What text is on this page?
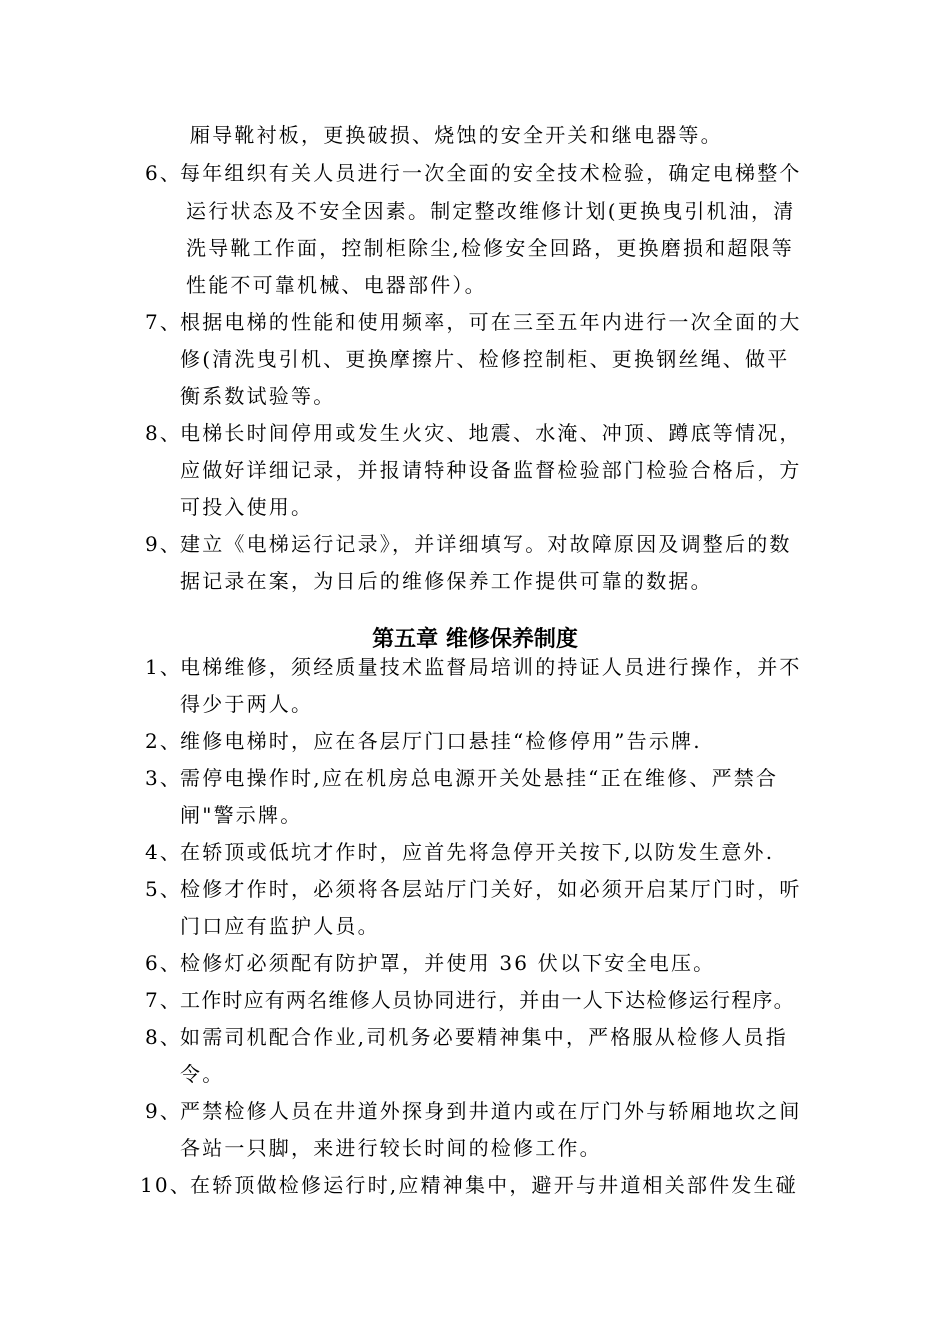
厢导靴衬板，更换破损、烧蚀的安全开关和继电器等。
6、
每年组织有关人员进行一次全面的安全技术检验，确定电梯整个
运行状态及不安全因素。制定整改维修计划(更换曳引机油，清
洗导靴工作面，控制柜除尘,检修安全回路，更换磨损和超限等
性能不可靠机械、电器部件）。
7、
根据电梯的性能和使用频率，可在三至五年内进行一次全面的大
修(清洗曳引机、更换摩擦片、检修控制柜、更换钢丝绳、做平
衡系数试验等。
8、
电梯长时间停用或发生火灾、地震、水淹、冲顶、蹲底等情况，
应做好详细记录，并报请特种设备监督检验部门检验合格后，方
可投入使用。
9、
建立《电梯运行记录》，并详细填写。对故障原因及调整后的数
据记录在案，为日后的维修保养工作提供可靠的数据。
第五章 维修保养制度
1、
电梯维修，须经质量技术监督局培训的持证人员进行操作，并不
得少于两人。
2、
维修电梯时，应在各层厅门口悬挂“检修停用”告示牌.
3、
需停电操作时,应在机房总电源开关处悬挂“正在维修、严禁合
闸"警示牌。
4、
在轿顶或低坑才作时，应首先将急停开关按下,以防发生意外.
5、
检修才作时，必须将各层站厅门关好，如必须开启某厅门时，听
门口应有监护人员。
6、
检修灯必须配有防护罩，并使用 36 伏以下安全电压。
7、
工作时应有两名维修人员协同进行，并由一人下达检修运行程序。
8、
如需司机配合作业,司机务必要精神集中，严格服从检修人员指
令。
9、
严禁检修人员在井道外探身到井道内或在厅门外与轿厢地坎之间
各站一只脚，来进行较长时间的检修工作。
10、
在轿顶做检修运行时,应精神集中，避开与井道相关部件发生碰
